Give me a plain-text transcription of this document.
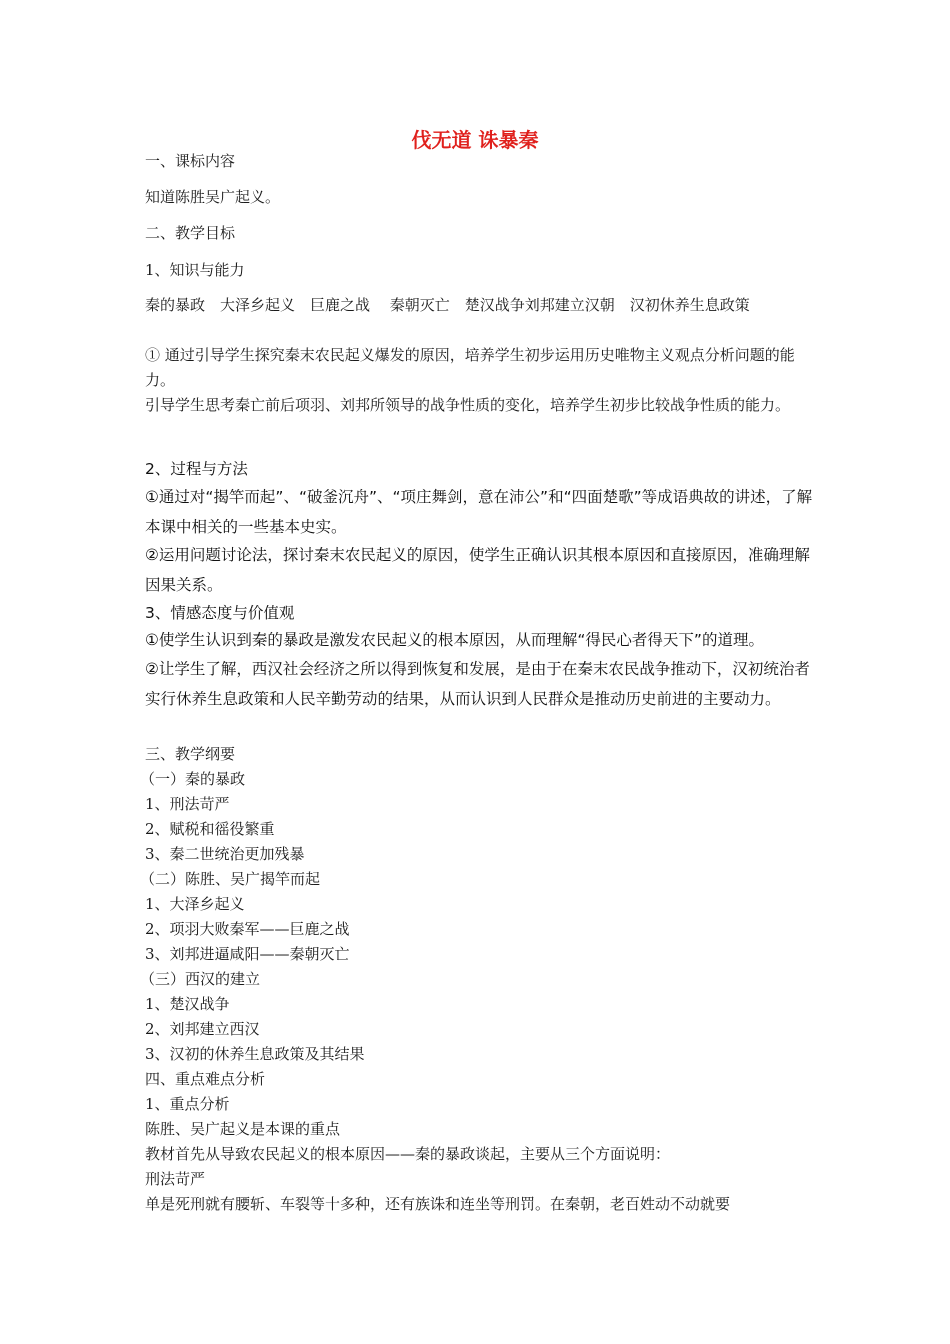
伐无道 诛暴秦
一、课标内容
知道陈胜吴广起义。
二、教学目标
1、知识与能力
秦的暴政　大泽乡起义　巨鹿之战　 秦朝灭亡　楚汉战争刘邦建立汉朝　汉初休养生息政策
① 通过引导学生探究秦末农民起义爆发的原因，培养学生初步运用历史唯物主义观点分析问题的能力。
引导学生思考秦亡前后项羽、刘邦所领导的战争性质的变化，培养学生初步比较战争性质的能力。
2、过程与方法
①通过对“揭竿而起”、“破釜沉舟”、“项庄舞剑，意在沛公”和“四面楚歌”等成语典故的讲述，了解本课中相关的一些基本史实。
②运用问题讨论法，探讨秦末农民起义的原因，使学生正确认识其根本原因和直接原因，准确理解因果关系。
3、情感态度与价值观
①使学生认识到秦的暴政是激发农民起义的根本原因，从而理解“得民心者得天下”的道理。
②让学生了解，西汉社会经济之所以得到恢复和发展，是由于在秦末农民战争推动下，汉初统治者实行休养生息政策和人民辛勤劳动的结果，从而认识到人民群众是推动历史前进的主要动力。
三、教学纲要
（一）秦的暴政
1、刑法苛严
2、赋税和徭役繁重
3、秦二世统治更加残暴
（二）陈胜、吴广揭竿而起
1、大泽乡起义
2、项羽大败秦军——巨鹿之战
3、刘邦进逼咸阳——秦朝灭亡
（三）西汉的建立
1、楚汉战争
2、刘邦建立西汉
3、汉初的休养生息政策及其结果
四、重点难点分析
1、重点分析
陈胜、吴广起义是本课的重点
教材首先从导致农民起义的根本原因——秦的暴政谈起，主要从三个方面说明：
刑法苛严
单是死刑就有腰斩、车裂等十多种，还有族诛和连坐等刑罚。在秦朝，老百姓动不动就要
